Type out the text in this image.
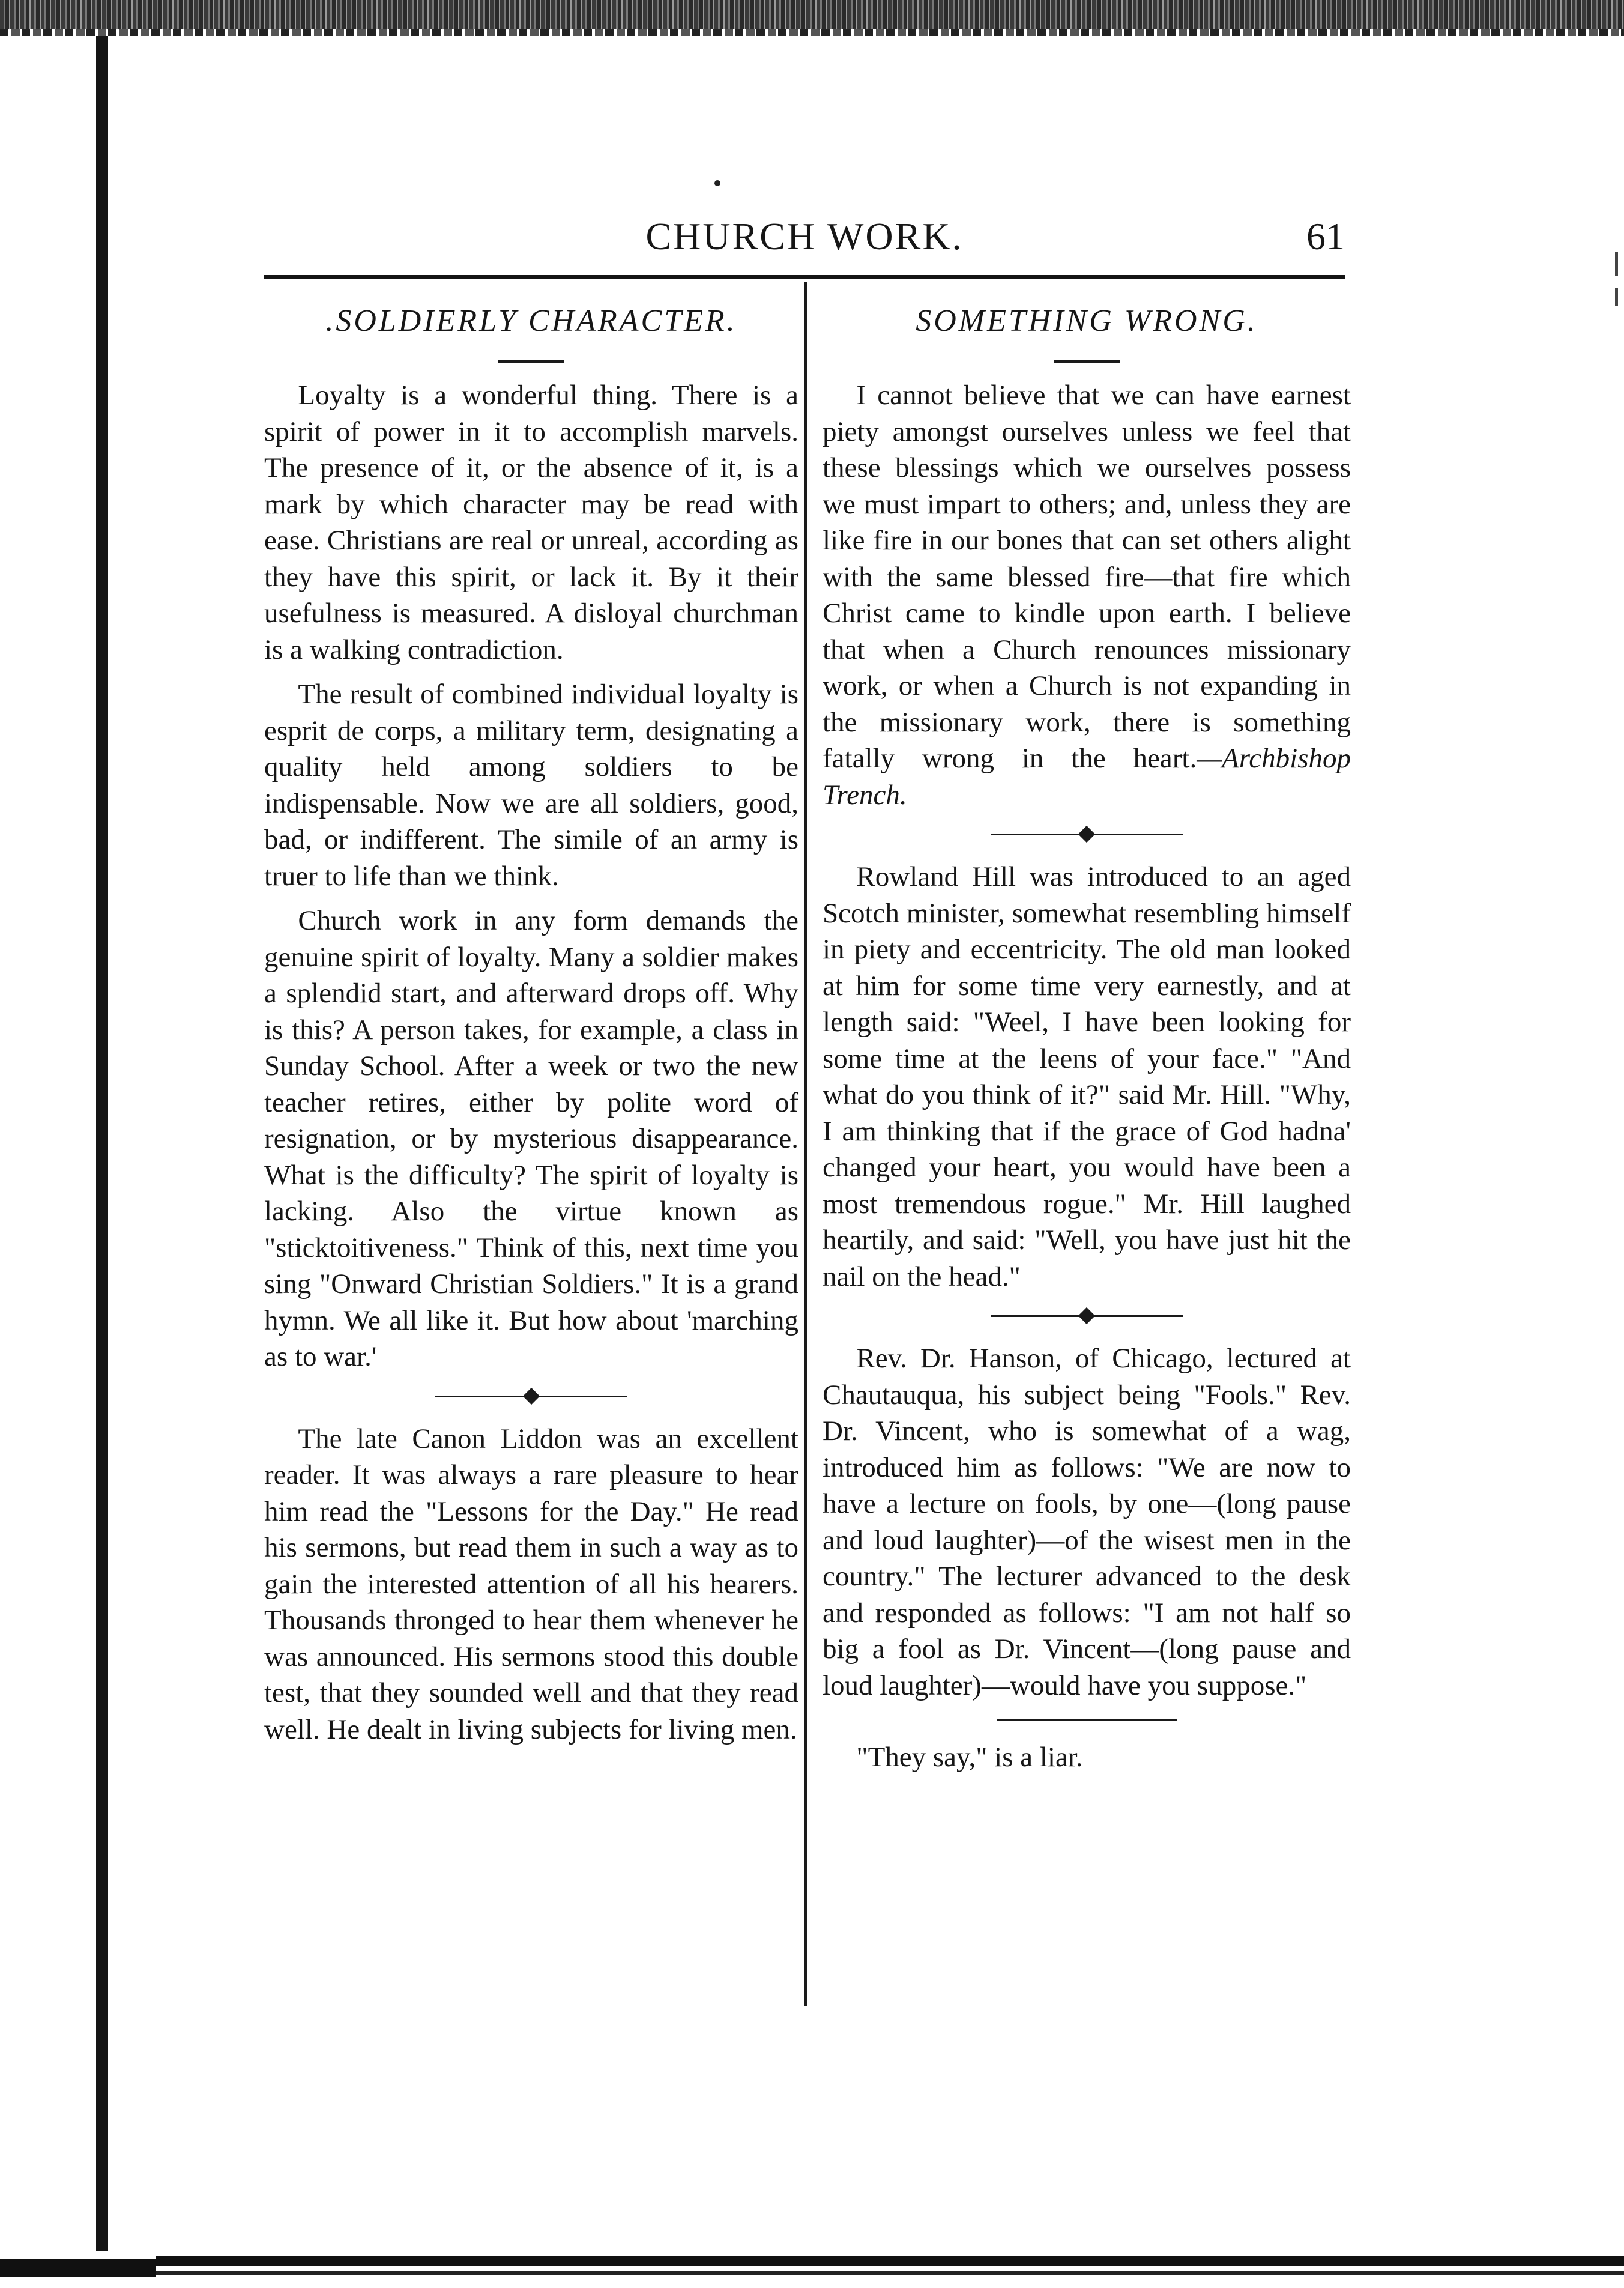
CHURCH WORK.	61
.SOLDIERLY CHARACTER.

Loyalty is a wonderful thing. There is a spirit of power in it to accomplish marvels. The presence of it, or the absence of it, is a mark by which character may be read with ease. Christians are real or unreal, according as they have this spirit, or lack it. By it their usefulness is measured. A disloyal churchman is a walking contradiction.

The result of combined individual loyalty is esprit de corps, a military term, designating a quality held among soldiers to be indispensable. Now we are all soldiers, good, bad, or indifferent. The simile of an army is truer to life than we think.

Church work in any form demands the genuine spirit of loyalty. Many a soldier makes a splendid start, and afterward drops off. Why is this? A person takes, for example, a class in Sunday School. After a week or two the new teacher retires, either by polite word of resignation, or by mysterious disappearance. What is the difficulty? The spirit of loyalty is lacking. Also the virtue known as "sticktoitiveness." Think of this, next time you sing "Onward Christian Soldiers." It is a grand hymn. We all like it. But how about 'marching as to war.'

The late Canon Liddon was an excellent reader. It was always a rare pleasure to hear him read the "Lessons for the Day." He read his sermons, but read them in such a way as to gain the interested attention of all his hearers. Thousands thronged to hear them whenever he was announced. His sermons stood this double test, that they sounded well and that they read well. He dealt in living subjects for living men.

SOMETHING WRONG.

I cannot believe that we can have earnest piety amongst ourselves unless we feel that these blessings which we ourselves possess we must impart to others; and, unless they are like fire in our bones that can set others alight with the same blessed fire—that fire which Christ came to kindle upon earth. I believe that when a Church renounces missionary work, or when a Church is not expanding in the missionary work, there is something fatally wrong in the heart.—Archbishop Trench.

Rowland Hill was introduced to an aged Scotch minister, somewhat resembling himself in piety and eccentricity. The old man looked at him for some time very earnestly, and at length said: "Weel, I have been looking for some time at the leens of your face." "And what do you think of it?" said Mr. Hill. "Why, I am thinking that if the grace of God hadna' changed your heart, you would have been a most tremendous rogue." Mr. Hill laughed heartily, and said: "Well, you have just hit the nail on the head."

Rev. Dr. Hanson, of Chicago, lectured at Chautauqua, his subject being "Fools." Rev. Dr. Vincent, who is somewhat of a wag, introduced him as follows: "We are now to have a lecture on fools, by one—(long pause and loud laughter)—of the wisest men in the country." The lecturer advanced to the desk and responded as follows: "I am not half so big a fool as Dr. Vincent—(long pause and loud laughter)—would have you suppose."

"They say," is a liar.
